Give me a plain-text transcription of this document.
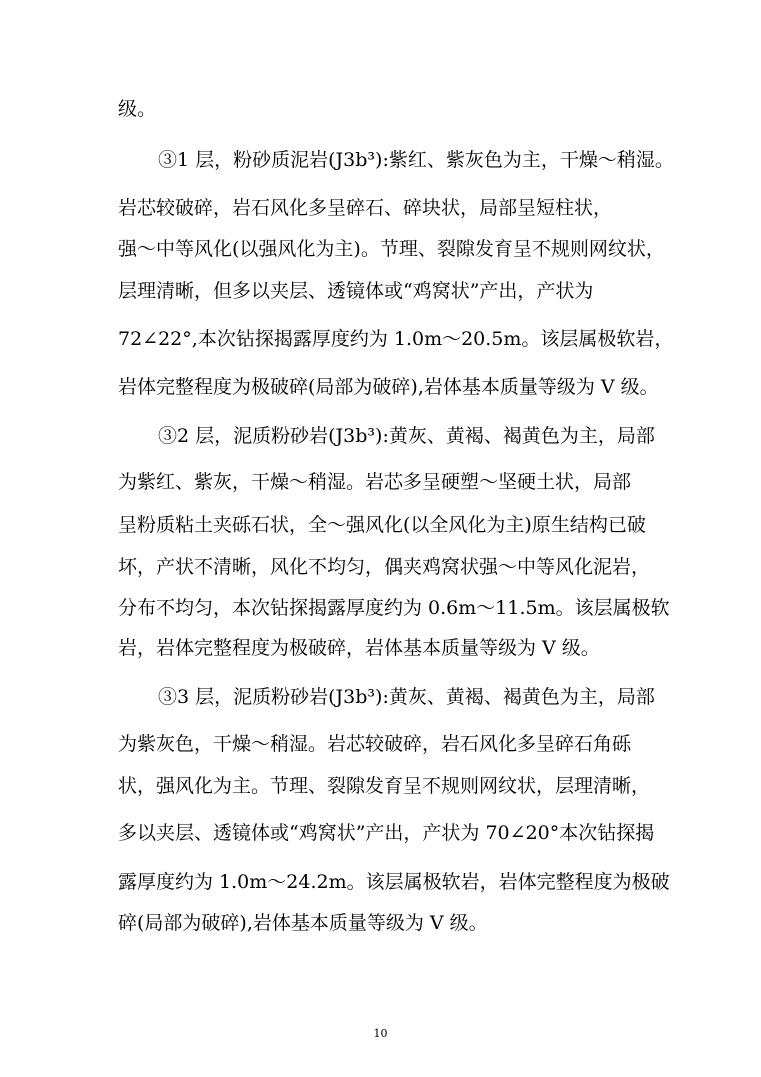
级。
③1 层，粉砂质泥岩(J3b³):紫红、紫灰色为主，干燥～稍湿。
岩芯较破碎，岩石风化多呈碎石、碎块状，局部呈短柱状，
强～中等风化(以强风化为主)。节理、裂隙发育呈不规则网纹状，
层理清晰，但多以夹层、透镜体或“鸡窝状”产出，产状为
72∠22°,本次钻探揭露厚度约为 1.0m～20.5m。该层属极软岩，
岩体完整程度为极破碎(局部为破碎),岩体基本质量等级为 V 级。
③2 层，泥质粉砂岩(J3b³):黄灰、黄褐、褐黄色为主，局部
为紫红、紫灰，干燥～稍湿。岩芯多呈硬塑～坚硬土状，局部
呈粉质粘土夹砾石状，全～强风化(以全风化为主)原生结构已破
坏，产状不清晰，风化不均匀，偶夹鸡窝状强～中等风化泥岩，
分布不均匀，本次钻探揭露厚度约为 0.6m～11.5m。该层属极软
岩，岩体完整程度为极破碎，岩体基本质量等级为 V 级。
③3 层，泥质粉砂岩(J3b³):黄灰、黄褐、褐黄色为主，局部
为紫灰色，干燥～稍湿。岩芯较破碎，岩石风化多呈碎石角砾
状，强风化为主。节理、裂隙发育呈不规则网纹状，层理清晰，
多以夹层、透镜体或“鸡窝状”产出，产状为 70∠20°本次钻探揭
露厚度约为 1.0m～24.2m。该层属极软岩，岩体完整程度为极破
碎(局部为破碎),岩体基本质量等级为 V 级。
10
